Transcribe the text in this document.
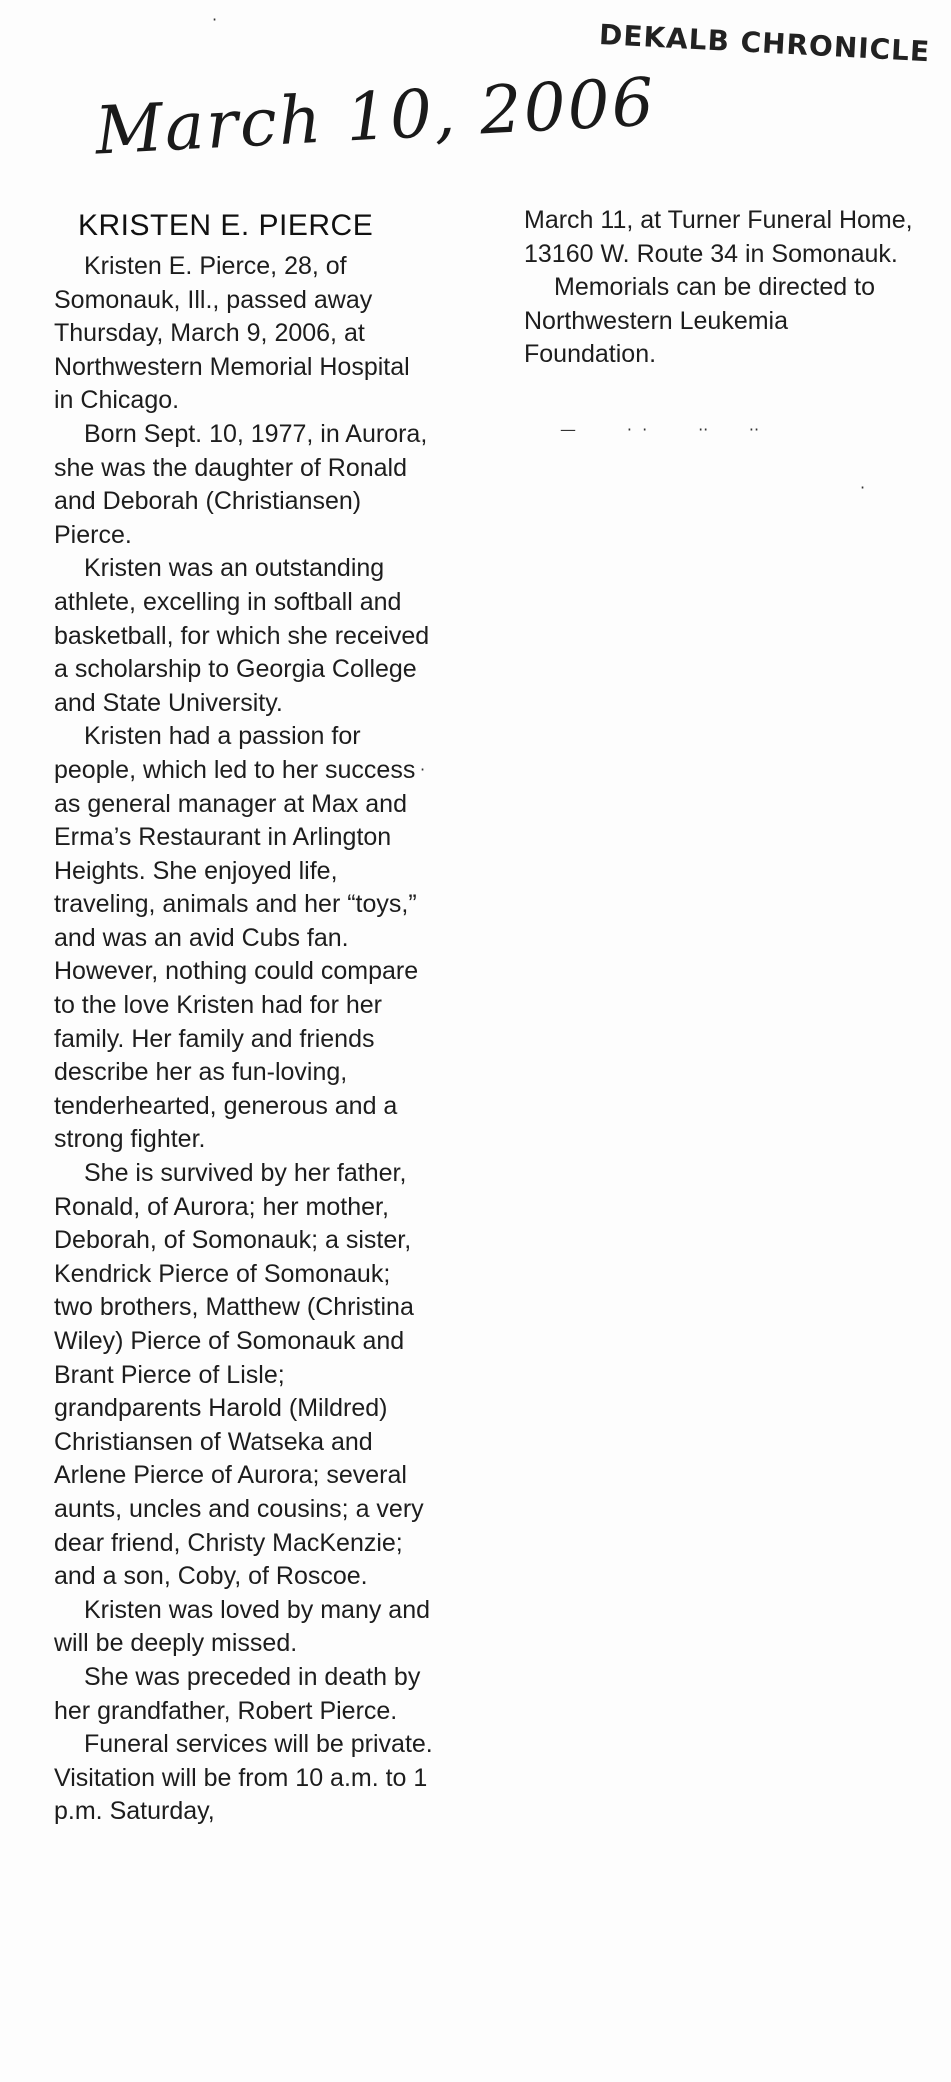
DEKALB CHRONICLE
March 10, 2006
KRISTEN E. PIERCE

Kristen E. Pierce, 28, of Somonauk, Ill., passed away Thursday, March 9, 2006, at Northwestern Memorial Hospital in Chicago.

Born Sept. 10, 1977, in Aurora, she was the daughter of Ronald and Deborah (Christiansen) Pierce.

Kristen was an outstanding athlete, excelling in softball and basketball, for which she received a scholarship to Georgia College and State University.

Kristen had a passion for people, which led to her success as general manager at Max and Erma’s Restaurant in Arlington Heights. She enjoyed life, traveling, animals and her “toys,” and was an avid Cubs fan. However, nothing could compare to the love Kristen had for her family. Her family and friends describe her as fun-loving, tenderhearted, generous and a strong fighter.

She is survived by her father, Ronald, of Aurora; her mother, Deborah, of Somonauk; a sister, Kendrick Pierce of Somonauk; two brothers, Matthew (Christina Wiley) Pierce of Somonauk and Brant Pierce of Lisle; grandparents Harold (Mildred) Christiansen of Watseka and Arlene Pierce of Aurora; several aunts, uncles and cousins; a very dear friend, Christy MacKenzie; and a son, Coby, of Roscoe.

Kristen was loved by many and will be deeply missed.

She was preceded in death by her grandfather, Robert Pierce.

Funeral services will be private. Visitation will be from 10 a.m. to 1 p.m. Saturday,

March 11, at Turner Funeral Home, 13160 W. Route 34 in Somonauk.

Memorials can be directed to Northwestern Leukemia Foundation.

—          ·  ·          ··        ··
·
·
·
